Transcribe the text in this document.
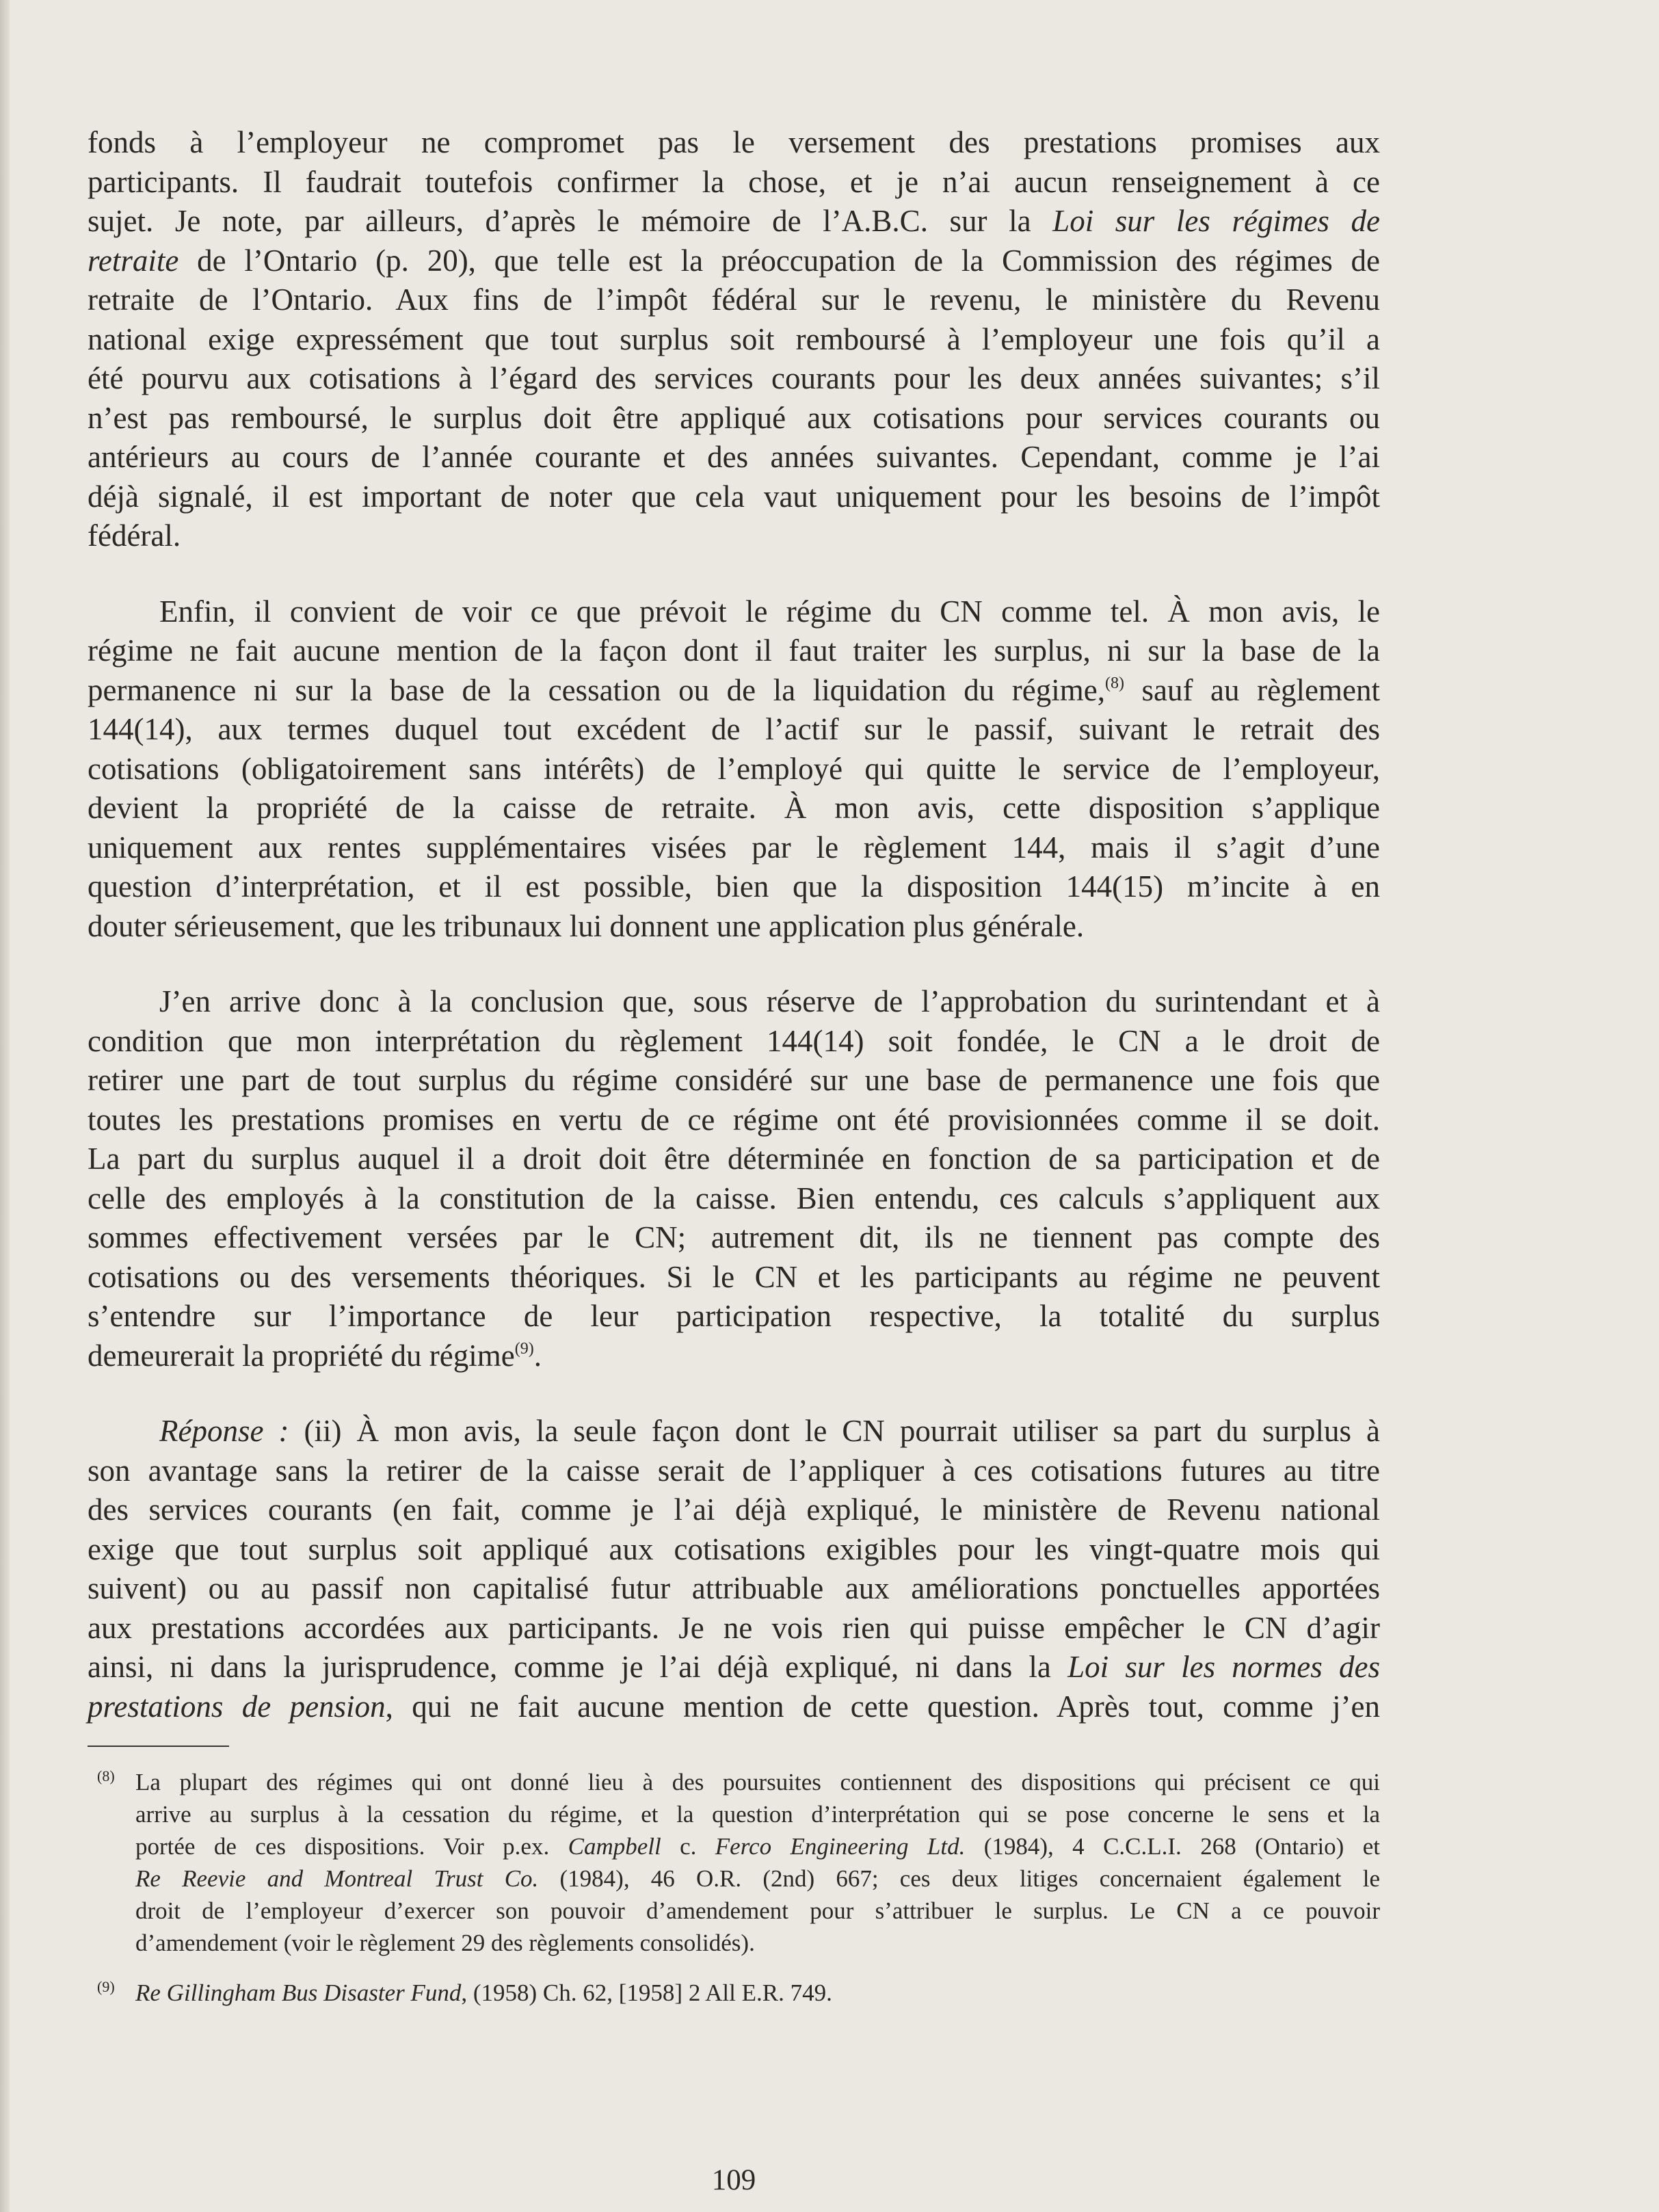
fonds à l’employeur ne compromet pas le versement des prestations promises aux
participants. Il faudrait toutefois confirmer la chose, et je n’ai aucun renseignement à ce
sujet. Je note, par ailleurs, d’après le mémoire de l’A.B.C. sur la Loi sur les régimes de
retraite de l’Ontario (p. 20), que telle est la préoccupation de la Commission des régimes de
retraite de l’Ontario. Aux fins de l’impôt fédéral sur le revenu, le ministère du Revenu
national exige expressément que tout surplus soit remboursé à l’employeur une fois qu’il a
été pourvu aux cotisations à l’égard des services courants pour les deux années suivantes; s’il
n’est pas remboursé, le surplus doit être appliqué aux cotisations pour services courants ou
antérieurs au cours de l’année courante et des années suivantes. Cependant, comme je l’ai
déjà signalé, il est important de noter que cela vaut uniquement pour les besoins de l’impôt
fédéral.
Enfin, il convient de voir ce que prévoit le régime du CN comme tel. À mon avis, le
régime ne fait aucune mention de la façon dont il faut traiter les surplus, ni sur la base de la
permanence ni sur la base de la cessation ou de la liquidation du régime,$^{(8)}$ sauf au règlement
144(14), aux termes duquel tout excédent de l’actif sur le passif, suivant le retrait des
cotisations (obligatoirement sans intérêts) de l’employé qui quitte le service de l’employeur,
devient la propriété de la caisse de retraite. À mon avis, cette disposition s’applique
uniquement aux rentes supplémentaires visées par le règlement 144, mais il s’agit d’une
question d’interprétation, et il est possible, bien que la disposition 144(15) m’incite à en
douter sérieusement, que les tribunaux lui donnent une application plus générale.
J’en arrive donc à la conclusion que, sous réserve de l’approbation du surintendant et à
condition que mon interprétation du règlement 144(14) soit fondée, le CN a le droit de
retirer une part de tout surplus du régime considéré sur une base de permanence une fois que
toutes les prestations promises en vertu de ce régime ont été provisionnées comme il se doit.
La part du surplus auquel il a droit doit être déterminée en fonction de sa participation et de
celle des employés à la constitution de la caisse. Bien entendu, ces calculs s’appliquent aux
sommes effectivement versées par le CN; autrement dit, ils ne tiennent pas compte des
cotisations ou des versements théoriques. Si le CN et les participants au régime ne peuvent
s’entendre sur l’importance de leur participation respective, la totalité du surplus
demeurerait la propriété du régime$^{(9)}$.
Réponse : (ii) À mon avis, la seule façon dont le CN pourrait utiliser sa part du surplus à
son avantage sans la retirer de la caisse serait de l’appliquer à ces cotisations futures au titre
des services courants (en fait, comme je l’ai déjà expliqué, le ministère de Revenu national
exige que tout surplus soit appliqué aux cotisations exigibles pour les vingt-quatre mois qui
suivent) ou au passif non capitalisé futur attribuable aux améliorations ponctuelles apportées
aux prestations accordées aux participants. Je ne vois rien qui puisse empêcher le CN d’agir
ainsi, ni dans la jurisprudence, comme je l’ai déjà expliqué, ni dans la Loi sur les normes des
prestations de pension, qui ne fait aucune mention de cette question. Après tout, comme j’en
(8) La plupart des régimes qui ont donné lieu à des poursuites contiennent des dispositions qui précisent ce qui
arrive au surplus à la cessation du régime, et la question d’interprétation qui se pose concerne le sens et la
portée de ces dispositions. Voir p.ex. Campbell c. Ferco Engineering Ltd. (1984), 4 C.C.L.I. 268 (Ontario) et
Re Reevie and Montreal Trust Co. (1984), 46 O.R. (2nd) 667; ces deux litiges concernaient également le
droit de l’employeur d’exercer son pouvoir d’amendement pour s’attribuer le surplus. Le CN a ce pouvoir
d’amendement (voir le règlement 29 des règlements consolidés).
(9) Re Gillingham Bus Disaster Fund, (1958) Ch. 62, [1958] 2 All E.R. 749.
109
